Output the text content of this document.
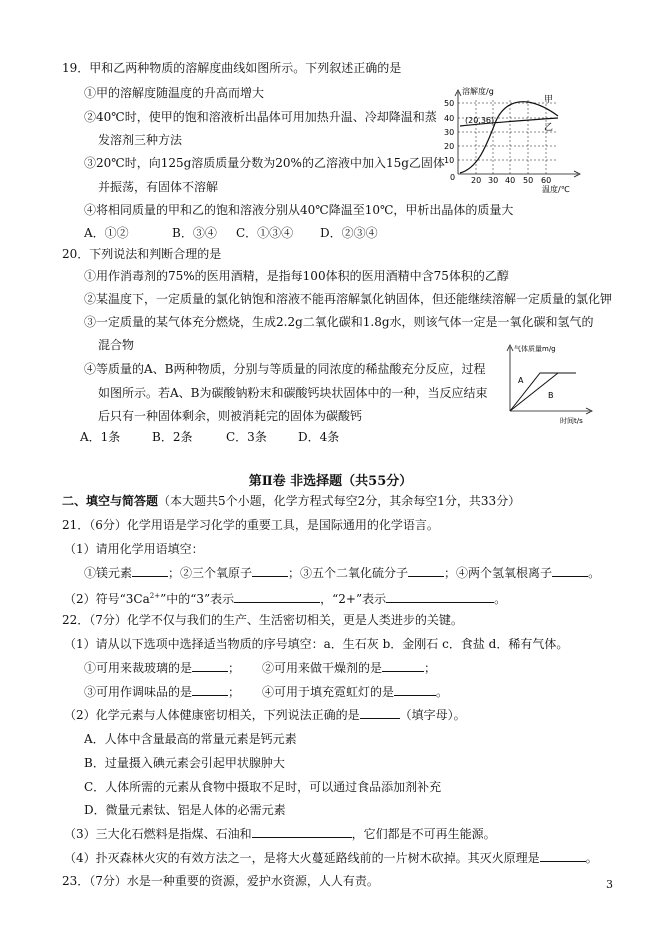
19．甲和乙两种物质的溶解度曲线如图所示。下列叙述正确的是
①甲的溶解度随温度的升高而增大
②40℃时，使甲的饱和溶液析出晶体可用加热升温、冷却降温和蒸
发溶剂三种方法
③20℃时，向125g溶质质量分数为20%的乙溶液中加入15g乙固体
并振荡，有固体不溶解
④将相同质量的甲和乙的饱和溶液分别从40℃降温至10℃，甲析出晶体的质量大
A．①②	B．③④ C．①③④ D．②③④
溶解度/g
温度/℃
50
40
30
20
10
0 20 30 40 50 60
(20,36)
甲
乙
20．下列说法和判断合理的是
①用作消毒剂的75%的医用酒精，是指每100体积的医用酒精中含75体积的乙醇
②某温度下，一定质量的氯化钠饱和溶液不能再溶解氯化钠固体，但还能继续溶解一定质量的氯化钾
③一定质量的某气体充分燃烧，生成2.2g二氧化碳和1.8g水，则该气体一定是一氧化碳和氢气的
混合物
④等质量的A、B两种物质，分别与等质量的同浓度的稀盐酸充分反应，过程
如图所示。若A、B为碳酸钠粉末和碳酸钙块状固体中的一种，当反应结束
后只有一种固体剩余，则被消耗完的固体为碳酸钙
A．1条	B．2条	C．3条	D．4条
气体质量m/g
时间t/s
A
B
第Ⅱ卷 非选择题（共55分）
二、填空与简答题（本大题共5个小题，化学方程式每空2分，其余每空1分，共33分）
21．（6分）化学用语是学习化学的重要工具，是国际通用的化学语言。
（1）请用化学用语填空：
①镁元素	；②三个氧原子	；③五个二氧化硫分子	；④两个氢氧根离子	。
（2）符号“$3Ca^{2+}$”中的“3”表示	，“2+”表示	。
22．（7分）化学不仅与我们的生产、生活密切相关，更是人类进步的关键。
（1）请从以下选项中选择适当物质的序号填空：a．生石灰 b．金刚石 c．食盐 d．稀有气体。
①可用来裁玻璃的是	； ②可用来做干燥剂的是	；
③可用作调味品的是	； ④可用于填充霓虹灯的是	。
（2）化学元素与人体健康密切相关，下列说法正确的是	（填字母）。
A．人体中含量最高的常量元素是钙元素
B．过量摄入碘元素会引起甲状腺肿大
C．人体所需的元素从食物中摄取不足时，可以通过食品添加剂补充
D．微量元素钛、铝是人体的必需元素
（3）三大化石燃料是指煤、石油和	，它们都是不可再生能源。
（4）扑灭森林火灾的有效方法之一，是将大火蔓延路线前的一片树木砍掉。其灭火原理是	。
23．（7分）水是一种重要的资源，爱护水资源，人人有责。	3
